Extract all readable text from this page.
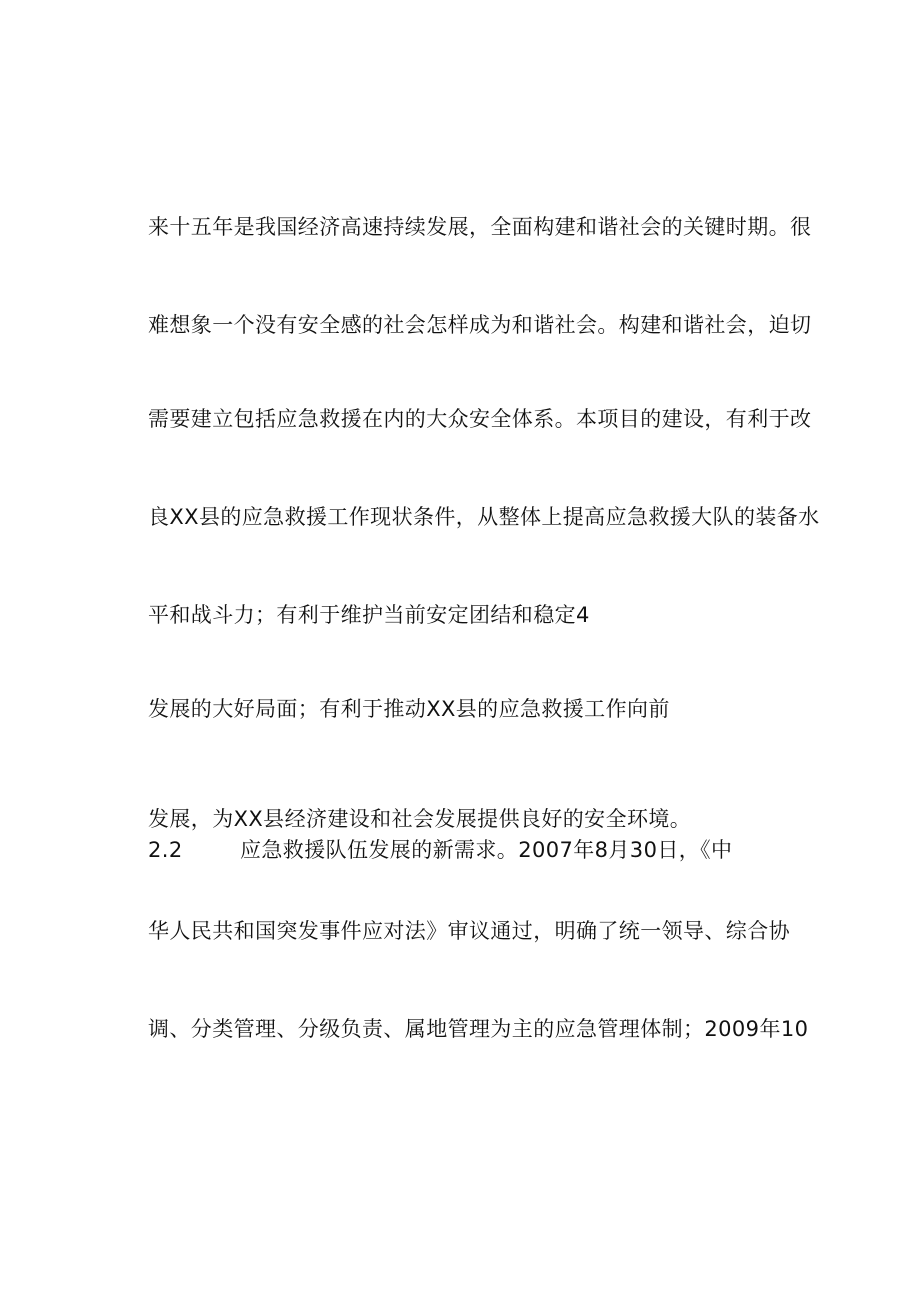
来十五年是我国经济高速持续发展，全面构建和谐社会的关键时期。很
难想象一个没有安全感的社会怎样成为和谐社会。构建和谐社会，迫切
需要建立包括应急救援在内的大众安全体系。本项目的建设，有利于改
良XX县的应急救援工作现状条件，从整体上提高应急救援大队的装备水
平和战斗力；有利于维护当前安定团结和稳定4
发展的大好局面；有利于推动XX县的应急救援工作向前
发展，为XX县经济建设和社会发展提供良好的安全环境。
2.2	应急救援队伍发展的新需求。2007年8月30日，《中
华人民共和国突发事件应对法》审议通过，明确了统一领导、综合协
调、分类管理、分级负责、属地管理为主的应急管理体制；2009年10
